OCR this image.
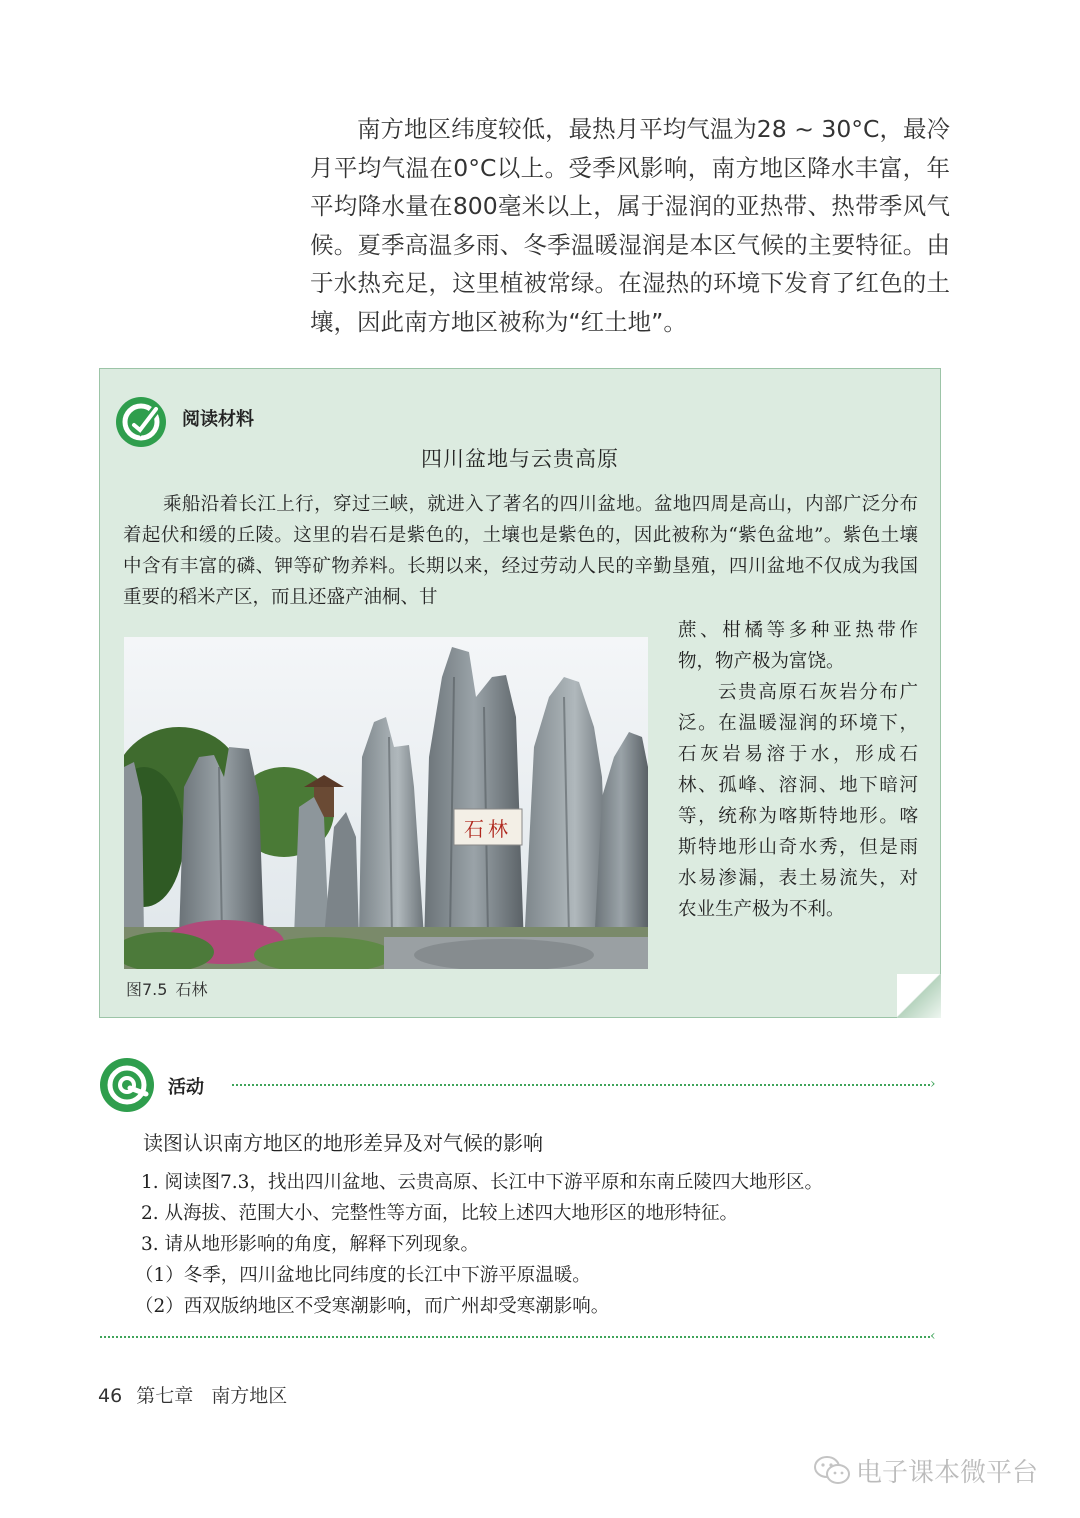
南方地区纬度较低，最热月平均气温为28 ~ 30°C，最冷月平均气温在0°C以上。受季风影响，南方地区降水丰富，年平均降水量在800毫米以上，属于湿润的亚热带、热带季风气候。夏季高温多雨、冬季温暖湿润是本区气候的主要特征。由于水热充足，这里植被常绿。在湿热的环境下发育了红色的土壤，因此南方地区被称为“红土地”。
阅读材料
四川盆地与云贵高原
乘船沿着长江上行，穿过三峡，就进入了著名的四川盆地。盆地四周是高山，内部广泛分布着起伏和缓的丘陵。这里的岩石是紫色的，土壤也是紫色的，因此被称为“紫色盆地”。紫色土壤中含有丰富的磷、钾等矿物养料。长期以来，经过劳动人民的辛勤垦殖，四川盆地不仅成为我国重要的稻米产区，而且还盛产油桐、甘
蔗、柑橘等多种亚热带作物，物产极为富饶。
云贵高原石灰岩分布广泛。在温暖湿润的环境下，石灰岩易溶于水，形成石林、孤峰、溶洞、地下暗河等，统称为喀斯特地形。喀斯特地形山奇水秀，但是雨水易渗漏，表土易流失，对农业生产极为不利。
石林
图7.5 石林
活动	›
读图认识南方地区的地形差异及对气候的影响
1. 阅读图7.3，找出四川盆地、云贵高原、长江中下游平原和东南丘陵四大地形区。
2. 从海拔、范围大小、完整性等方面，比较上述四大地形区的地形特征。
3. 请从地形影响的角度，解释下列现象。
（1）冬季，四川盆地比同纬度的长江中下游平原温暖。
（2）西双版纳地区不受寒潮影响，而广州却受寒潮影响。
‹
46 第七章 南方地区
电子课本微平台
